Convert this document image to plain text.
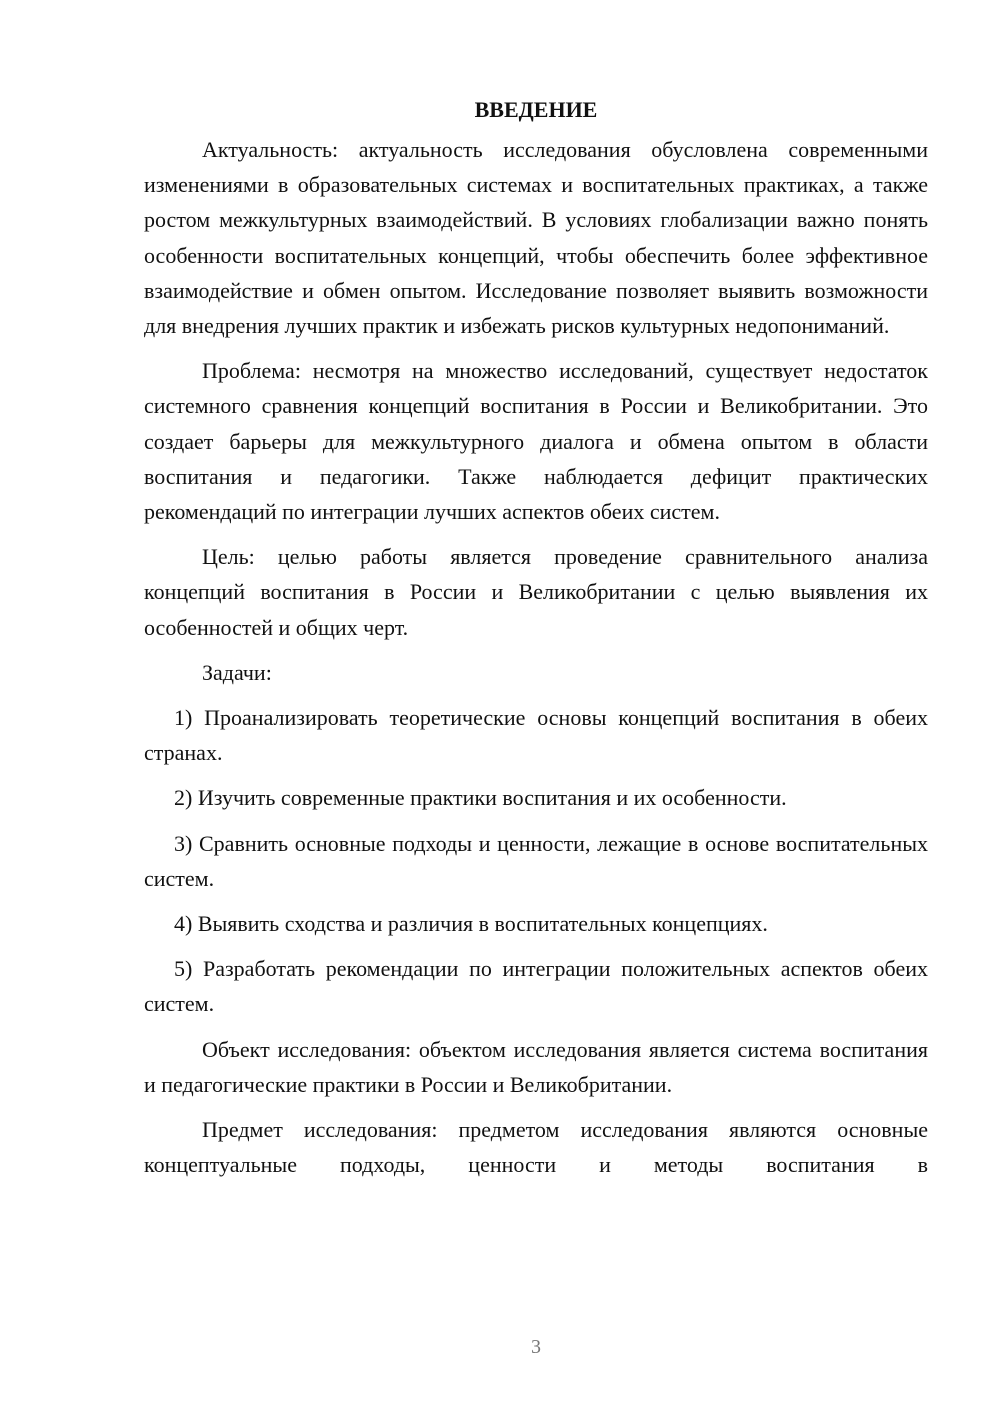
ВВЕДЕНИЕ

Актуальность: актуальность исследования обусловлена современными изменениями в образовательных системах и воспитательных практиках, а также ростом межкультурных взаимодействий. В условиях глобализации важно понять особенности воспитательных концепций, чтобы обеспечить более эффективное взаимодействие и обмен опытом. Исследование позволяет выявить возможности для внедрения лучших практик и избежать рисков культурных недопониманий.

Проблема: несмотря на множество исследований, существует недостаток системного сравнения концепций воспитания в России и Великобритании. Это создает барьеры для межкультурного диалога и обмена опытом в области воспитания и педагогики. Также наблюдается дефицит практических рекомендаций по интеграции лучших аспектов обеих систем.

Цель: целью работы является проведение сравнительного анализа концепций воспитания в России и Великобритании с целью выявления их особенностей и общих черт.

Задачи:

1) Проанализировать теоретические основы концепций воспитания в обеих странах.

2) Изучить современные практики воспитания и их особенности.

3) Сравнить основные подходы и ценности, лежащие в основе воспитательных систем.

4) Выявить сходства и различия в воспитательных концепциях.

5) Разработать рекомендации по интеграции положительных аспектов обеих систем.

Объект исследования: объектом исследования является система воспитания и педагогические практики в России и Великобритании.

Предмет исследования: предметом исследования являются основные концептуальные подходы, ценности и методы воспитания в

3
